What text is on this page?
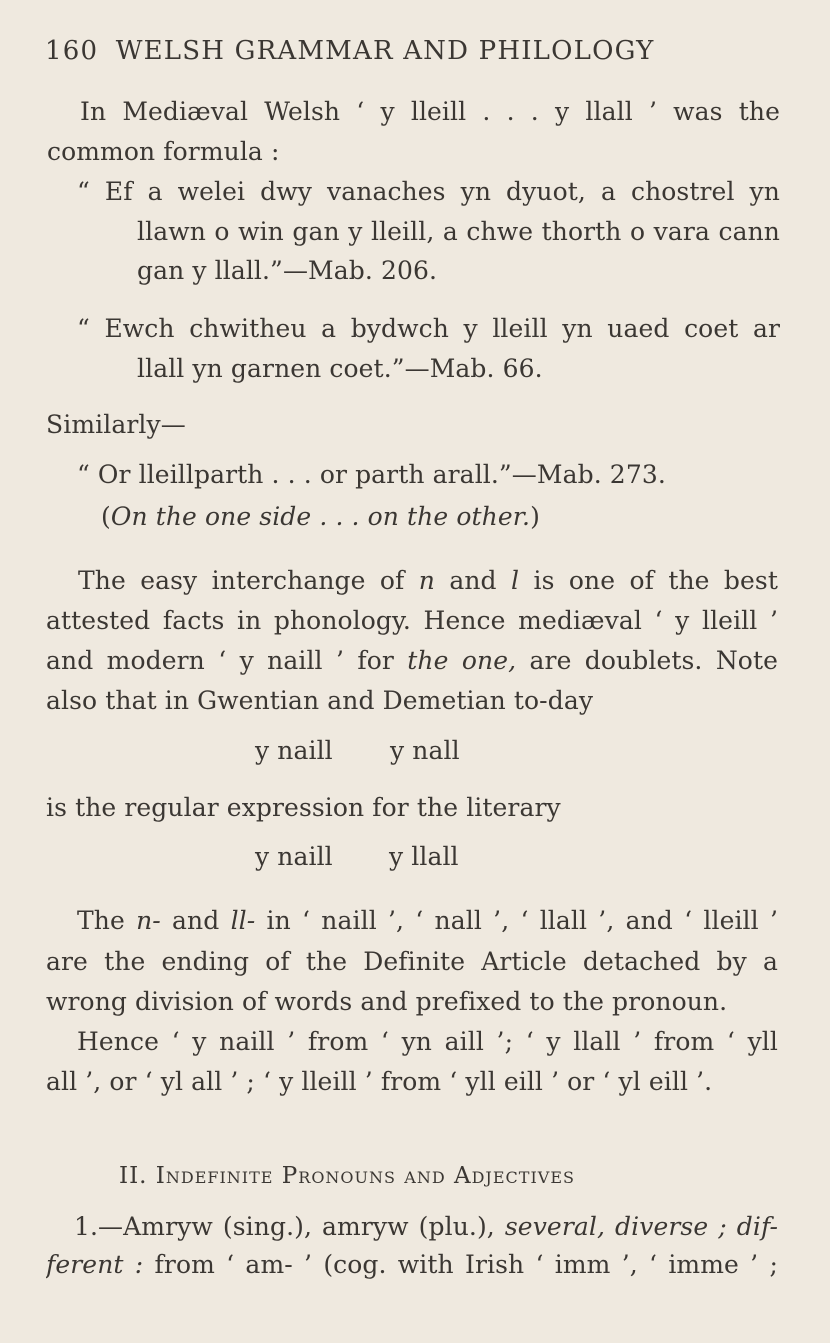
160 WELSH GRAMMAR AND PHILOLOGY
In Mediæval Welsh ‘ y lleill . . . y llall ’ was the
common formula :
“ Ef a welei dwy vanaches yn dyuot, a chostrel yn
llawn o win gan y lleill, a chwe thorth o vara cann
gan y llall.”—Mab. 206.
“ Ewch chwitheu a bydwch y lleill yn uaed coet ar
llall yn garnen coet.”—Mab. 66.
Similarly—
“ Or lleillparth . . . or parth arall.”—Mab. 273.
(On the one side . . . on the other.)
The easy interchange of n and l is one of the best
attested facts in phonology. Hence mediæval ‘ y lleill ’
and modern ‘ y naill ’ for the one, are doublets. Note
also that in Gwentian and Demetian to-day
y naill y nall
is the regular expression for the literary
y naill y llall
The n- and ll- in ‘ naill ’, ‘ nall ’, ‘ llall ’, and ‘ lleill ’
are the ending of the Definite Article detached by a
wrong division of words and prefixed to the pronoun.
Hence ‘ y naill ’ from ‘ yn aill ’; ‘ y llall ’ from ‘ yll
all ’, or ‘ yl all ’ ; ‘ y lleill ’ from ‘ yll eill ’ or ‘ yl eill ’.
II. Indefinite Pronouns and Adjectives
1.—Amryw (sing.), amryw (plu.), several, diverse ; dif-
ferent : from ‘ am- ’ (cog. with Irish ‘ imm ’, ‘ imme ’ ;
